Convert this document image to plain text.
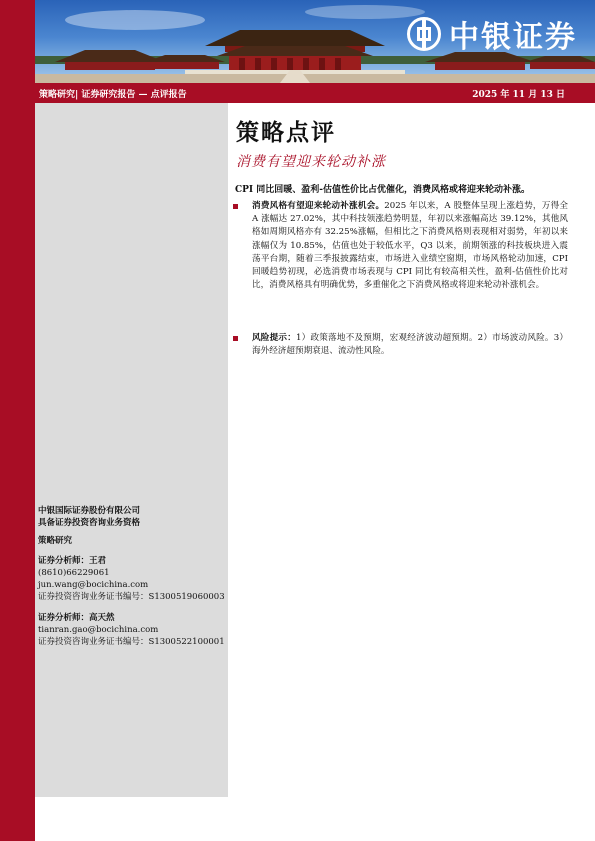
中银证券
策略研究| 证券研究报告 — 点评报告	2025 年 11 月 13 日
中银国际证券股份有限公司
具备证券投资咨询业务资格
策略研究
证券分析师：王君
(8610)66229061
jun.wang@bocichina.com
证券投资咨询业务证书编号：S1300519060003
证券分析师：高天然
tianran.gao@bocichina.com
证券投资咨询业务证书编号：S1300522100001
策略点评
消费有望迎来轮动补涨
CPI 同比回暖、盈利-估值性价比占优催化，消费风格或将迎来轮动补涨。
消费风格有望迎来轮动补涨机会。2025 年以来，A 股整体呈现上涨趋势，万得全 A 涨幅达 27.02%，其中科技领涨趋势明显，年初以来涨幅高达 39.12%，其他风格如周期风格亦有 32.25%涨幅，但相比之下消费风格则表现相对弱势，年初以来涨幅仅为 10.85%，估值也处于较低水平，Q3 以来，前期领涨的科技板块进入震荡平台期，随着三季报披露结束，市场进入业绩空窗期，市场风格轮动加速，CPI 回暖趋势初现，必选消费市场表现与 CPI 同比有较高相关性，盈利-估值性价比对比，消费风格具有明确优势，多重催化之下消费风格或将迎来轮动补涨机会。
风险提示：1）政策落地不及预期，宏观经济波动超预期。2）市场波动风险。3）海外经济超预期衰退、流动性风险。
